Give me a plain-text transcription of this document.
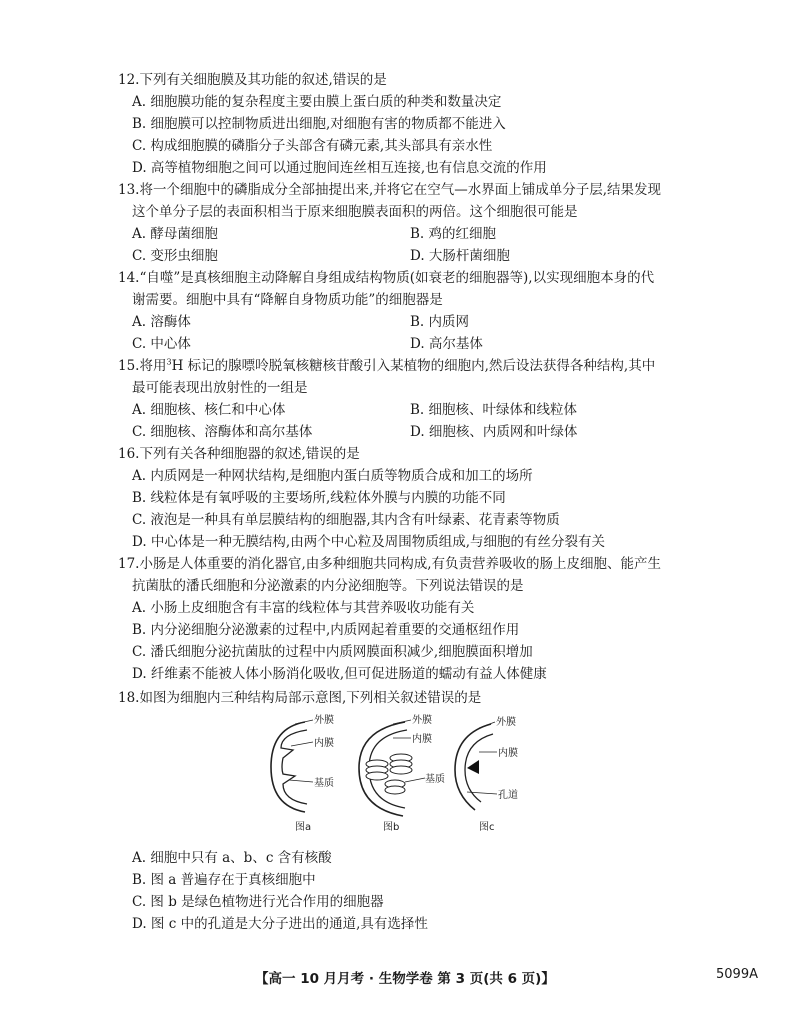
12.下列有关细胞膜及其功能的叙述,错误的是
A. 细胞膜功能的复杂程度主要由膜上蛋白质的种类和数量决定
B. 细胞膜可以控制物质进出细胞,对细胞有害的物质都不能进入
C. 构成细胞膜的磷脂分子头部含有磷元素,其头部具有亲水性
D. 高等植物细胞之间可以通过胞间连丝相互连接,也有信息交流的作用
13.将一个细胞中的磷脂成分全部抽提出来,并将它在空气—水界面上铺成单分子层,结果发现
这个单分子层的表面积相当于原来细胞膜表面积的两倍。这个细胞很可能是
A. 酵母菌细胞	B. 鸡的红细胞
C. 变形虫细胞	D. 大肠杆菌细胞
14.“自噬”是真核细胞主动降解自身组成结构物质(如衰老的细胞器等),以实现细胞本身的代
谢需要。细胞中具有“降解自身物质功能”的细胞器是
A. 溶酶体	B. 内质网
C. 中心体	D. 高尔基体
15.将用$^3$H 标记的腺嘌呤脱氧核糖核苷酸引入某植物的细胞内,然后设法获得各种结构,其中
最可能表现出放射性的一组是
A. 细胞核、核仁和中心体	B. 细胞核、叶绿体和线粒体
C. 细胞核、溶酶体和高尔基体	D. 细胞核、内质网和叶绿体
16.下列有关各种细胞器的叙述,错误的是
A. 内质网是一种网状结构,是细胞内蛋白质等物质合成和加工的场所
B. 线粒体是有氧呼吸的主要场所,线粒体外膜与内膜的功能不同
C. 液泡是一种具有单层膜结构的细胞器,其内含有叶绿素、花青素等物质
D. 中心体是一种无膜结构,由两个中心粒及周围物质组成,与细胞的有丝分裂有关
17.小肠是人体重要的消化器官,由多种细胞共同构成,有负责营养吸收的肠上皮细胞、能产生
抗菌肽的潘氏细胞和分泌激素的内分泌细胞等。下列说法错误的是
A. 小肠上皮细胞含有丰富的线粒体与其营养吸收功能有关
B. 内分泌细胞分泌激素的过程中,内质网起着重要的交通枢纽作用
C. 潘氏细胞分泌抗菌肽的过程中内质网膜面积减少,细胞膜面积增加
D. 纤维素不能被人体小肠消化吸收,但可促进肠道的蠕动有益人体健康
18.如图为细胞内三种结构局部示意图,下列相关叙述错误的是
外膜
内膜
基质
图a
外膜
内膜
基质
图b
外膜
内膜
孔道
图c
A. 细胞中只有 a、b、c 含有核酸
B. 图 a 普遍存在于真核细胞中
C. 图 b 是绿色植物进行光合作用的细胞器
D. 图 c 中的孔道是大分子进出的通道,具有选择性
【高一 10 月月考 · 生物学卷 第 3 页(共 6 页)】	5099A
